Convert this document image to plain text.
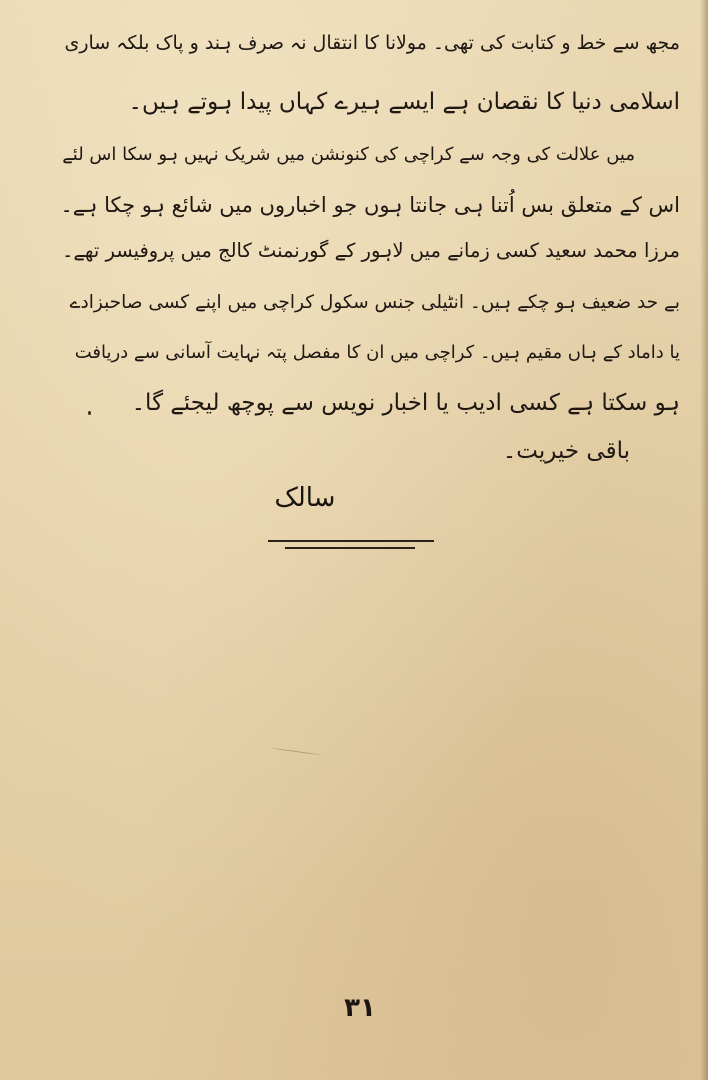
مجھ سے خط و کتابت کی تھی۔ مولانا کا انتقال نہ صرف ہند و پاک بلکہ ساری
اسلامی دنیا کا نقصان ہے ایسے ہیرے کہاں پیدا ہوتے ہیں۔
میں علالت کی وجہ سے کراچی کی کنونشن میں شریک نہیں ہو سکا اس لئے
اس کے متعلق بس اُتنا ہی جانتا ہوں جو اخباروں میں شائع ہو چکا ہے۔
مرزا محمد سعید کسی زمانے میں لاہور کے گورنمنٹ کالج میں پروفیسر تھے۔
بے حد ضعیف ہو چکے ہیں۔ انٹیلی جنس سکول کراچی میں اپنے کسی صاحبزادے
یا داماد کے ہاں مقیم ہیں۔ کراچی میں ان کا مفصل پتہ نہایت آسانی سے دریافت
ہو سکتا ہے کسی ادیب یا اخبار نویس سے پوچھ لیجئے گا۔
باقی خیریت۔
سالک
۳۱
